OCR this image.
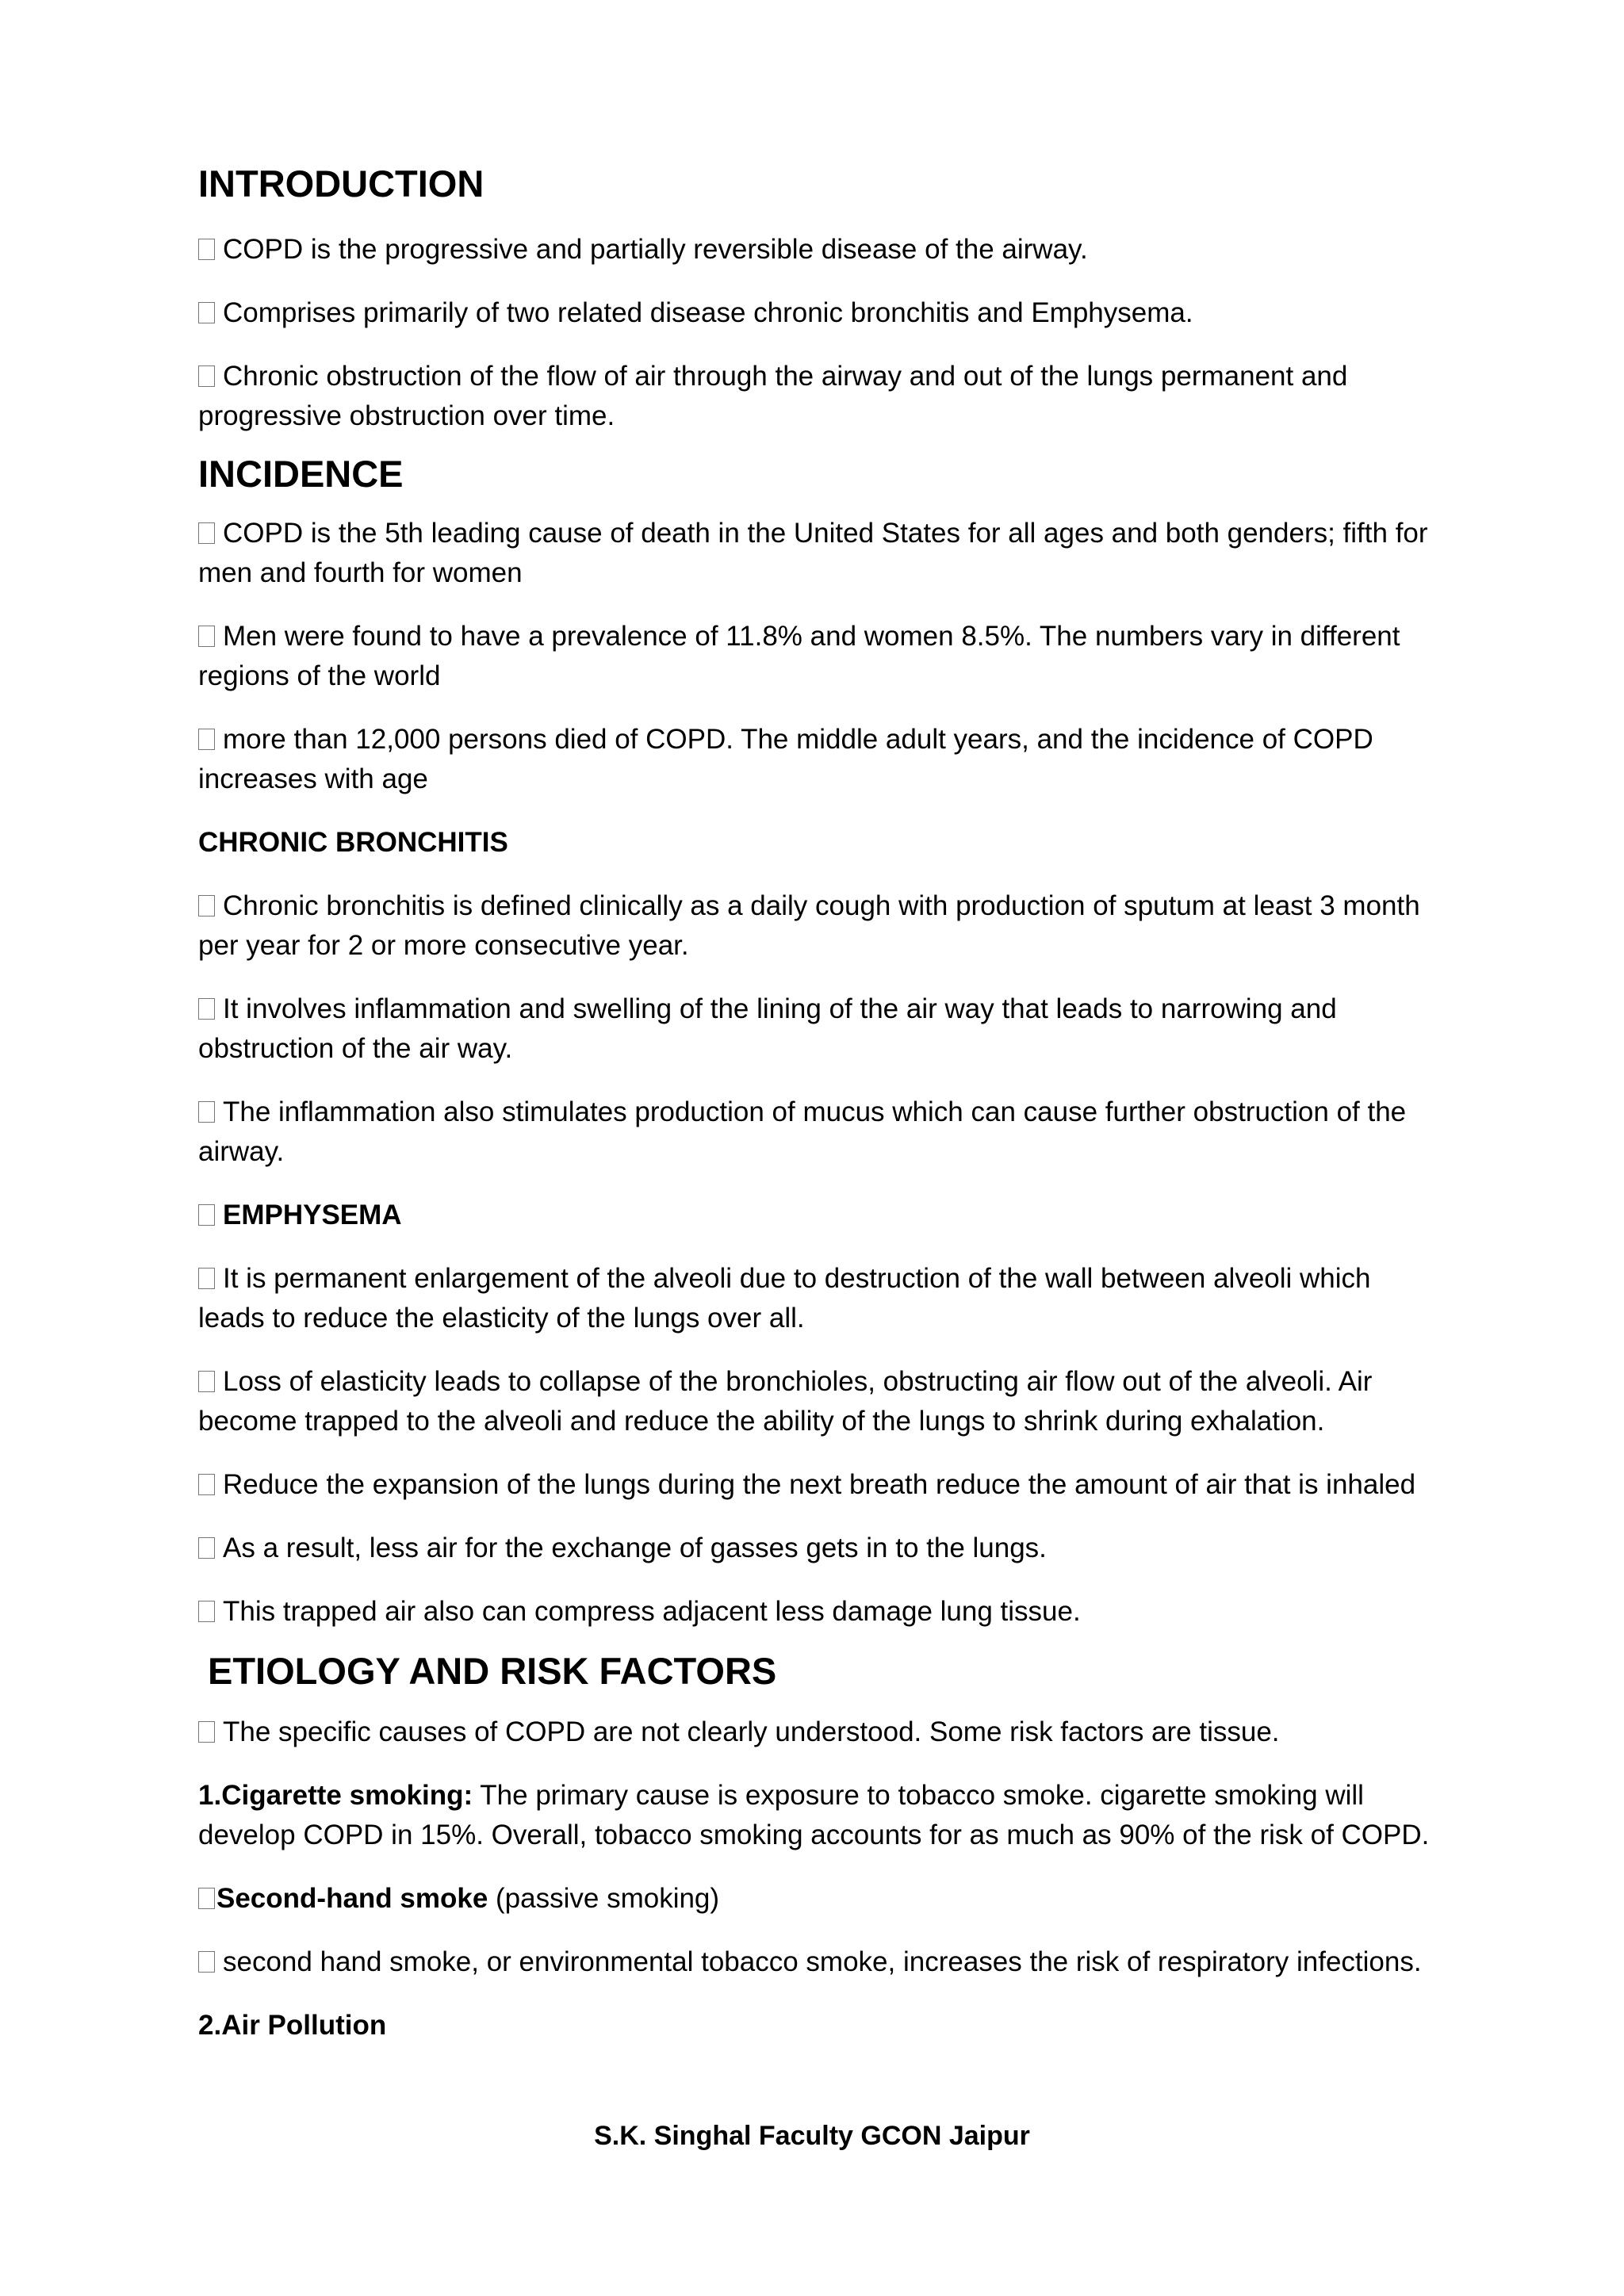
INTRODUCTION

COPD is the progressive and partially reversible disease of the airway.

Comprises primarily of two related disease chronic bronchitis and Emphysema.

Chronic obstruction of the flow of air through the airway and out of the lungs permanent and progressive obstruction over time.

INCIDENCE

COPD is the 5th leading cause of death in the United States for all ages and both genders; fifth for men and fourth for women

Men were found to have a prevalence of 11.8% and women 8.5%. The numbers vary in different regions of the world

more than 12,000 persons died of COPD. The middle adult years, and the incidence of COPD increases with age

CHRONIC BRONCHITIS

Chronic bronchitis is defined clinically as a daily cough with production of sputum at least 3 month per year for 2 or more consecutive year.

It involves inflammation and swelling of the lining of the air way that leads to narrowing and obstruction of the air way.

The inflammation also stimulates production of mucus which can cause further obstruction of the airway.

EMPHYSEMA

It is permanent enlargement of the alveoli due to destruction of the wall between alveoli which leads to reduce the elasticity of the lungs over all.

Loss of elasticity leads to collapse of the bronchioles, obstructing air flow out of the alveoli. Air become trapped to the alveoli and reduce the ability of the lungs to shrink during exhalation.

Reduce the expansion of the lungs during the next breath reduce the amount of air that is inhaled

As a result, less air for the exchange of gasses gets in to the lungs.

This trapped air also can compress adjacent less damage lung tissue.

ETIOLOGY AND RISK FACTORS

The specific causes of COPD are not clearly understood. Some risk factors are tissue.

1.Cigarette smoking: The primary cause is exposure to tobacco smoke. cigarette smoking will develop COPD in 15%. Overall, tobacco smoking accounts for as much as 90% of the risk of COPD.

Second-hand smoke (passive smoking)

second hand smoke, or environmental tobacco smoke, increases the risk of respiratory infections.

2.Air Pollution

S.K. Singhal Faculty GCON Jaipur
